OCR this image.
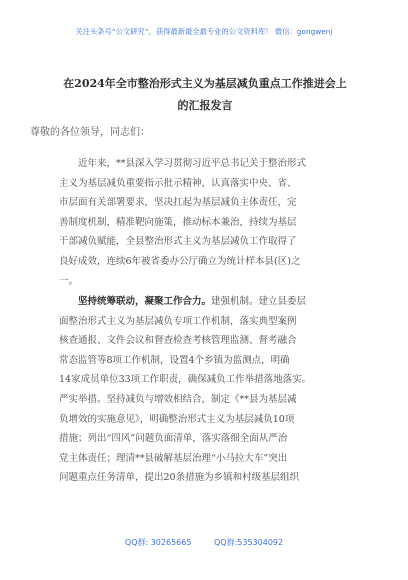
关注头条号“公文研究”，获得最新最全最专业的公文资料库！ 微信：gongwenj
在2024年全市整治形式主义为基层减负重点工作推进会上
的汇报发言
尊敬的各位领导，同志们：
近年来，**县深入学习贯彻习近平总书记关于整治形式
主义为基层减负重要指示批示精神，认真落实中央、省、
市层面有关部署要求，坚决扛起为基层减负主体责任，完
善制度机制，精准靶向施策，推动标本兼治，持续为基层
干部减负赋能，全县整治形式主义为基层减负工作取得了
良好成效，连续6年被省委办公厅确立为统计样本县(区)之
一。
坚持统筹联动，凝聚工作合力。建强机制。建立县委层
面整治形式主义为基层减负专项工作机制，落实典型案例
核查通报、文件会议和督查检查考核管理监测、督考融合
常态监管等8项工作机制，设置4个乡镇为监测点，明确
14家成员单位33项工作职责，确保减负工作举措落地落实。
严实举措。坚持减负与增效相结合，制定《**县为基层减
负增效的实施意见》，明确整治形式主义为基层减负10项
措施；列出“四风”问题负面清单，落实落细全面从严治
党主体责任；理清**县破解基层治理“小马拉大车”突出
问题重点任务清单，提出20条措施为乡镇和村级基层组织
QQ群: 30265665	QQ群:535304092
